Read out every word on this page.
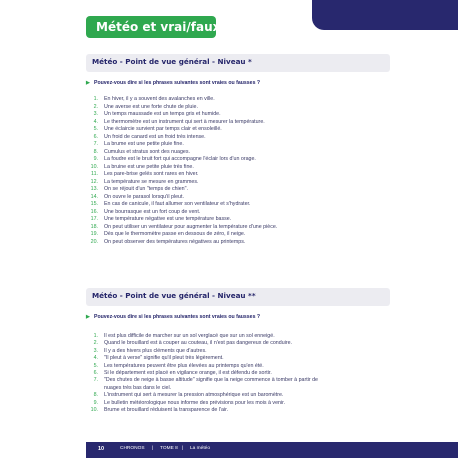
Météo et vrai/faux
Météo - Point de vue général - Niveau *
▶ Pouvez-vous dire si les phrases suivantes sont vraies ou fausses ?
1. En hiver, il y a souvent des avalanches en ville.
2. Une averse est une forte chute de pluie.
3. Un temps maussade est un temps gris et humide.
4. Le thermomètre est un instrument qui sert à mesurer la température.
5. Une éclaircie survient par temps clair et ensoleillé.
6. Un froid de canard est un froid très intense.
7. La brume est une petite pluie fine.
8. Cumulus et stratus sont des nuages.
9. La foudre est le bruit fort qui accompagne l'éclair lors d'un orage.
10. La bruine est une petite pluie très fine.
11. Les pare-brise gelés sont rares en hiver.
12. La température se mesure en grammes.
13. On se réjouit d'un "temps de chien".
14. On ouvre le parasol lorsqu'il pleut.
15. En cas de canicule, il faut allumer son ventilateur et s'hydrater.
16. Une bourrasque est un fort coup de vent.
17. Une température négative est une température basse.
18. On peut utiliser un ventilateur pour augmenter la température d'une pièce.
19. Dès que le thermomètre passe en dessous de zéro, il neige.
20. On peut observer des températures négatives au printemps.
Météo - Point de vue général - Niveau **
▶ Pouvez-vous dire si les phrases suivantes sont vraies ou fausses ?
1. Il est plus difficile de marcher sur un sol verglacé que sur un sol enneigé.
2. Quand le brouillard est à couper au couteau, il n'est pas dangereux de conduire.
3. Il y a des hivers plus cléments que d'autres.
4. "Il pleut à verse" signifie qu'il pleut très légèrement.
5. Les températures peuvent être plus élevées au printemps qu'en été.
6. Si le département est placé en vigilance orange, il est défendu de sortir.
7. "Des chutes de neige à basse altitude" signifie que la neige commence à tomber à partir de
nuages très bas dans le ciel.
8. L'instrument qui sert à mesurer la pression atmosphérique est un baromètre.
9. Le bulletin météorologique nous informe des prévisions pour les mois à venir.
10. Brume et brouillard réduisent la transparence de l'air.
10	CHRONOS | TOME 8 | La météo
